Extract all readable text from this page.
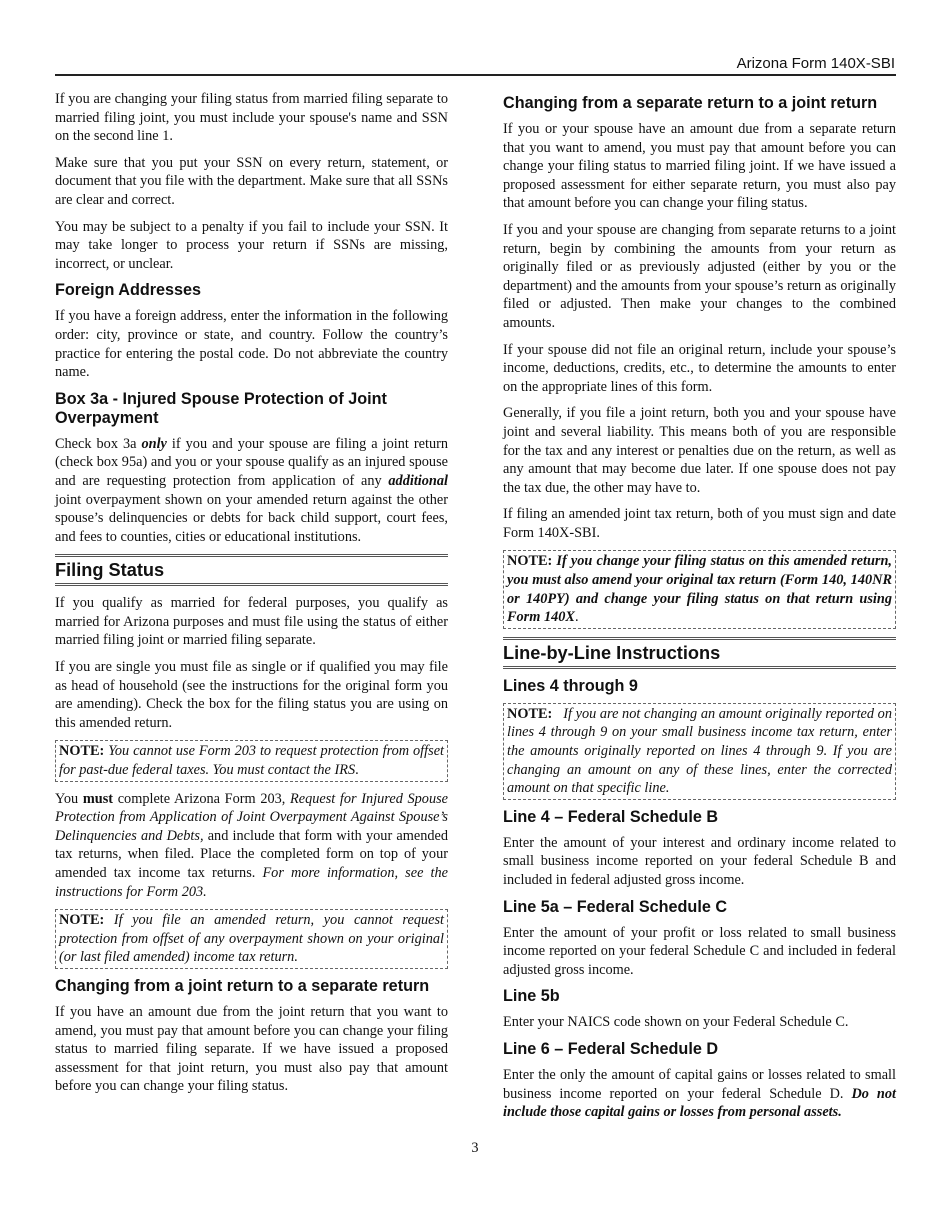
Arizona Form 140X-SBI

If you are changing your filing status from married filing separate to married filing joint, you must include your spouse's name and SSN on the second line 1.

Make sure that you put your SSN on every return, statement, or document that you file with the department. Make sure that all SSNs are clear and correct.

You may be subject to a penalty if you fail to include your SSN. It may take longer to process your return if SSNs are missing, incorrect, or unclear.

Foreign Addresses

If you have a foreign address, enter the information in the following order: city, province or state, and country. Follow the country’s practice for entering the postal code. Do not abbreviate the country name.

Box 3a - Injured Spouse Protection of Joint Overpayment

Check box 3a only if you and your spouse are filing a joint return (check box 95a) and you or your spouse qualify as an injured spouse and are requesting protection from application of any additional joint overpayment shown on your amended return against the other spouse’s delinquencies or debts for back child support, court fees, and fees to counties, cities or educational institutions.

Filing Status

If you qualify as married for federal purposes, you qualify as married for Arizona purposes and must file using the status of either married filing joint or married filing separate.

If you are single you must file as single or if qualified you may file as head of household (see the instructions for the original form you are amending). Check the box for the filing status you are using on this amended return.

NOTE: You cannot use Form 203 to request protection from offset for past-due federal taxes. You must contact the IRS.

You must complete Arizona Form 203, Request for Injured Spouse Protection from Application of Joint Overpayment Against Spouse’s Delinquencies and Debts, and include that form with your amended tax returns, when filed. Place the completed form on top of your amended tax income tax returns. For more information, see the instructions for Form 203.

NOTE: If you file an amended return, you cannot request protection from offset of any overpayment shown on your original (or last filed amended) income tax return.
Changing from a joint return to a separate return

If you have an amount due from the joint return that you want to amend, you must pay that amount before you can change your filing status to married filing separate. If we have issued a proposed assessment for that joint return, you must also pay that amount before you can change your filing status.

Changing from a separate return to a joint return

If you or your spouse have an amount due from a separate return that you want to amend, you must pay that amount before you can change your filing status to married filing joint. If we have issued a proposed assessment for either separate return, you must also pay that amount before you can change your filing status.

If you and your spouse are changing from separate returns to a joint return, begin by combining the amounts from your return as originally filed or as previously adjusted (either by you or the department) and the amounts from your spouse’s return as originally filed or adjusted. Then make your changes to the combined amounts.

If your spouse did not file an original return, include your spouse’s income, deductions, credits, etc., to determine the amounts to enter on the appropriate lines of this form.

Generally, if you file a joint return, both you and your spouse have joint and several liability. This means both of you are responsible for the tax and any interest or penalties due on the return, as well as any amount that may become due later. If one spouse does not pay the tax due, the other may have to.

If filing an amended joint tax return, both of you must sign and date Form 140X-SBI.

NOTE: If you change your filing status on this amended return, you must also amend your original tax return (Form 140, 140NR or 140PY) and change your filing status on that return using Form 140X.
Line-by-Line Instructions
Lines 4 through 9
NOTE: If you are not changing an amount originally reported on lines 4 through 9 on your small business income tax return, enter the amounts originally reported on lines 4 through 9. If you are changing an amount on any of these lines, enter the corrected amount on that specific line.
Line 4 – Federal Schedule B

Enter the amount of your interest and ordinary income related to small business income reported on your federal Schedule B and included in federal adjusted gross income.

Line 5a – Federal Schedule C

Enter the amount of your profit or loss related to small business income reported on your federal Schedule C and included in federal adjusted gross income.

Line 5b

Enter your NAICS code shown on your Federal Schedule C.

Line 6 – Federal Schedule D

Enter the only the amount of capital gains or losses related to small business income reported on your federal Schedule D. Do not include those capital gains or losses from personal assets.

3
